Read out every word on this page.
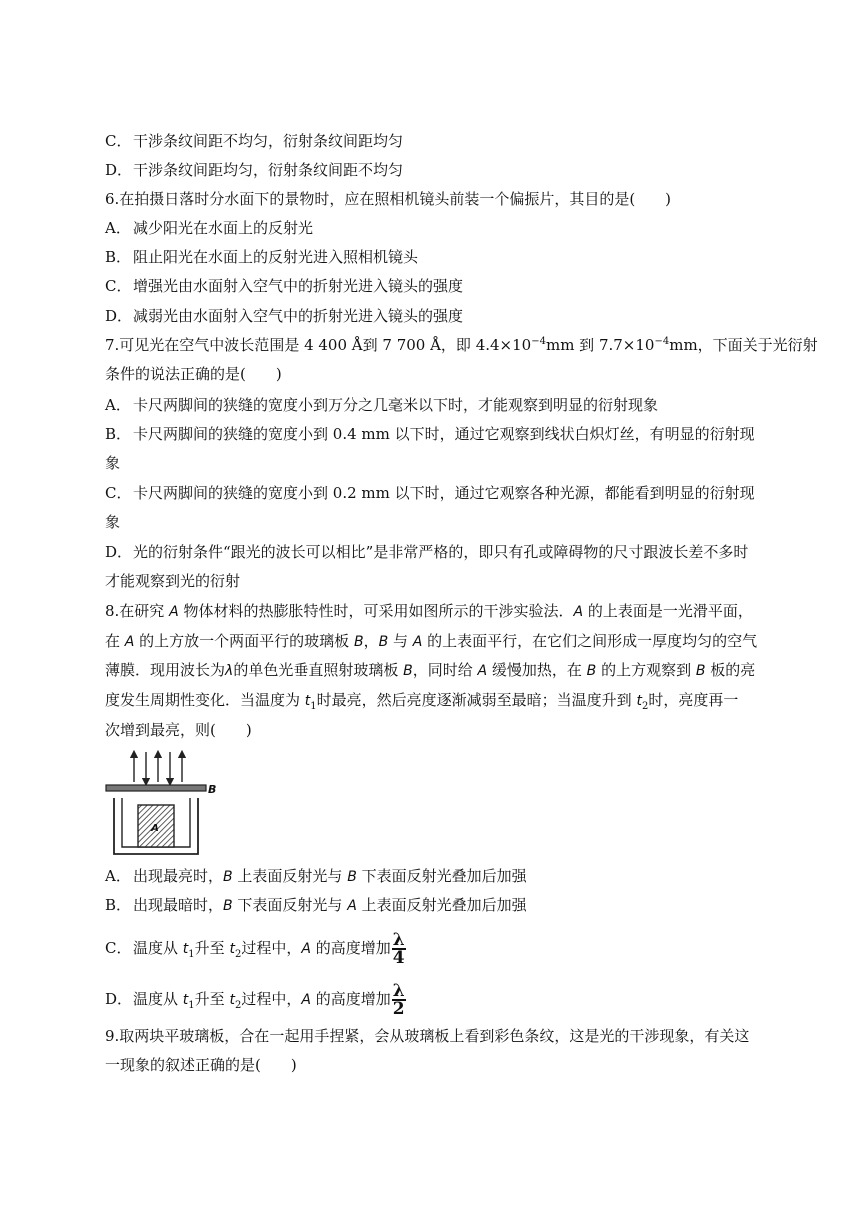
C． 干涉条纹间距不均匀，衍射条纹间距均匀
D．干涉条纹间距均匀，衍射条纹间距不均匀
6.在拍摄日落时分水面下的景物时，应在照相机镜头前装一个偏振片，其目的是(　　)
A． 减少阳光在水面上的反射光
B． 阻止阳光在水面上的反射光进入照相机镜头
C． 增强光由水面射入空气中的折射光进入镜头的强度
D．减弱光由水面射入空气中的折射光进入镜头的强度
7.可见光在空气中波长范围是 4 400 Å到 7 700 Å，即 $4.4\times 10^{-4}mm$ 到 $7.7\times 10^{-4}mm$，下面关于光衍射
条件的说法正确的是(　　)
A． 卡尺两脚间的狭缝的宽度小到万分之几毫米以下时，才能观察到明显的衍射现象
B． 卡尺两脚间的狭缝的宽度小到 0.4 mm 以下时，通过它观察到线状白炽灯丝，有明显的衍射现
象
C． 卡尺两脚间的狭缝的宽度小到 0.2 mm 以下时，通过它观察各种光源，都能看到明显的衍射现
象
D．光的衍射条件“跟光的波长可以相比”是非常严格的，即只有孔或障碍物的尺寸跟波长差不多时
才能观察到光的衍射
8.在研究 A 物体材料的热膨胀特性时，可采用如图所示的干涉实验法．A 的上表面是一光滑平面，
在 A 的上方放一个两面平行的玻璃板 B，B 与 A 的上表面平行，在它们之间形成一厚度均匀的空气
薄膜．现用波长为λ的单色光垂直照射玻璃板 B，同时给 A 缓慢加热，在 B 的上方观察到 B 板的亮
度发生周期性变化．当温度为 $t_1$时最亮，然后亮度逐渐减弱至最暗；当温度升到 $t_2$时，亮度再一
次增到最亮，则(　　)
A
B
A． 出现最亮时，B 上表面反射光与 B 下表面反射光叠加后加强
B． 出现最暗时，B 下表面反射光与 A 上表面反射光叠加后加强
C． 温度从 $t_1$升至 $t_2$过程中，A 的高度增加 $\frac{\lambda}{4}$
D．温度从 $t_1$升至 $t_2$过程中，A 的高度增加 $\frac{\lambda}{2}$
9.取两块平玻璃板，合在一起用手捏紧，会从玻璃板上看到彩色条纹，这是光的干涉现象，有关这
一现象的叙述正确的是(　　)
